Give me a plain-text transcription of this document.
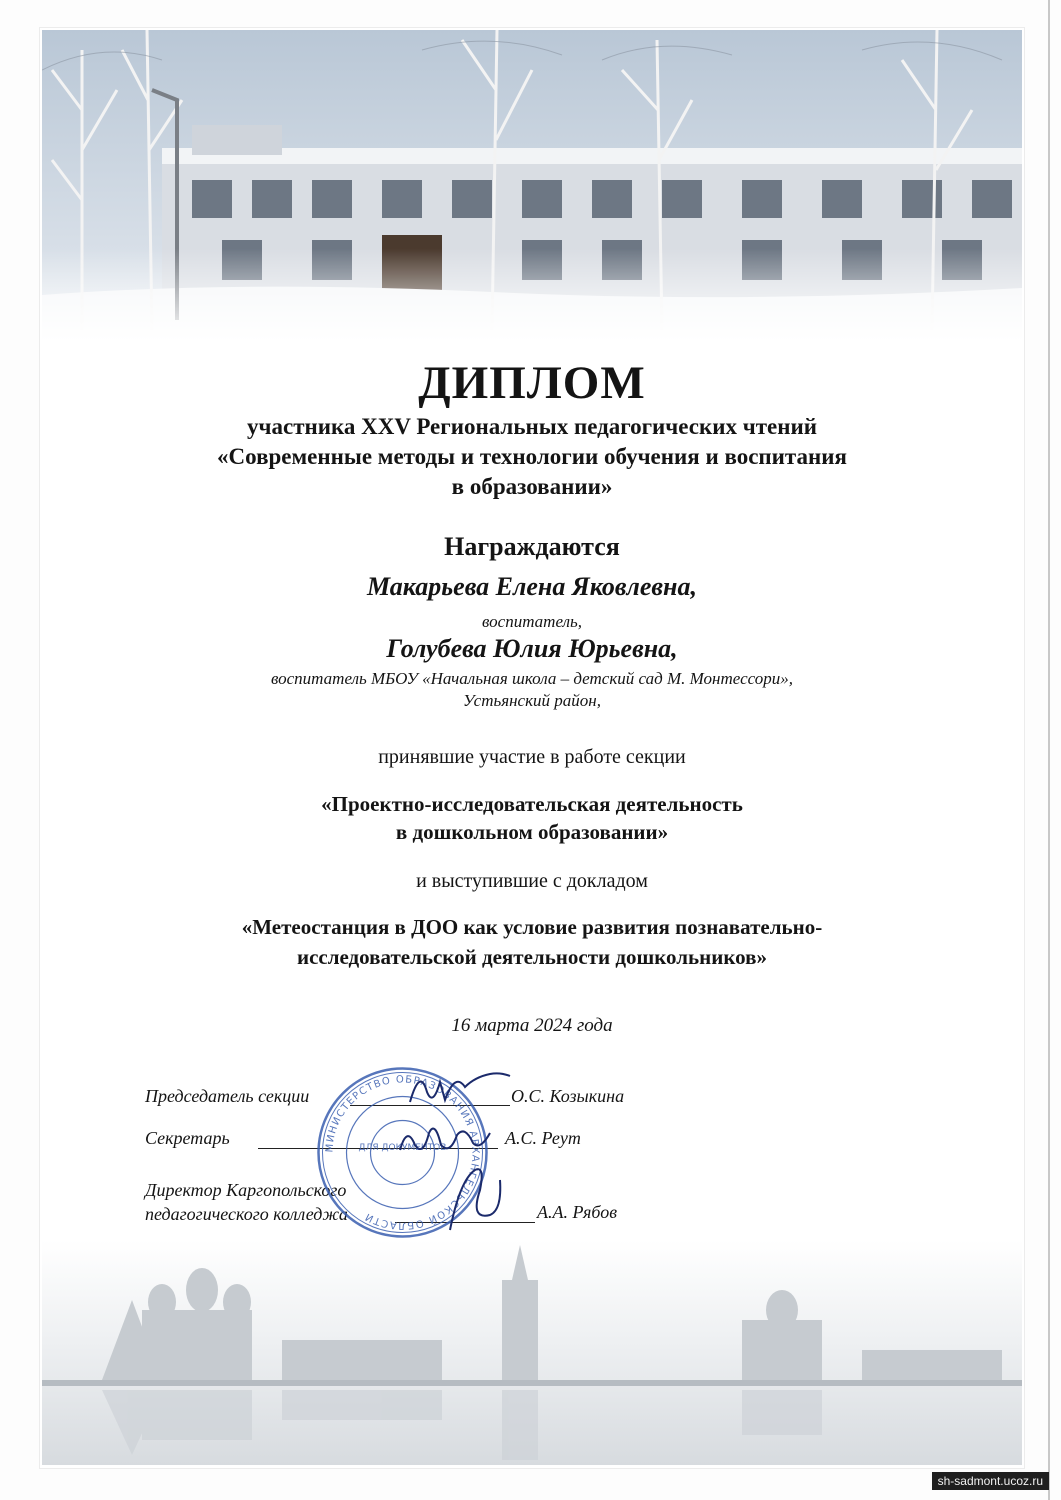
ДИПЛОМ
участника XXV Региональных педагогических чтений
«Современные методы и технологии обучения и воспитания
в образовании»
Награждаются
Макарьева Елена Яковлевна,
воспитатель,
Голубева Юлия Юрьевна,
воспитатель МБОУ «Начальная школа – детский сад М. Монтессори»,
Устьянский район,
принявшие участие в работе секции
«Проектно-исследовательская деятельность
в дошкольном образовании»
и выступившие с докладом
«Метеостанция в ДОО как условие развития познавательно-
исследовательской деятельности дошкольников»
16 марта 2024 года
Председатель секции	О.С. Козыкина
Секретарь	А.С. Реут
Директор Каргопольского
педагогического колледжа	А.А. Рябов
МИНИСТЕРСТВО ОБРАЗОВАНИЯ АРХАНГЕЛЬСКОЙ ОБЛАСТИ
ДЛЯ ДОКУМЕНТОВ
sh-sadmont.ucoz.ru
